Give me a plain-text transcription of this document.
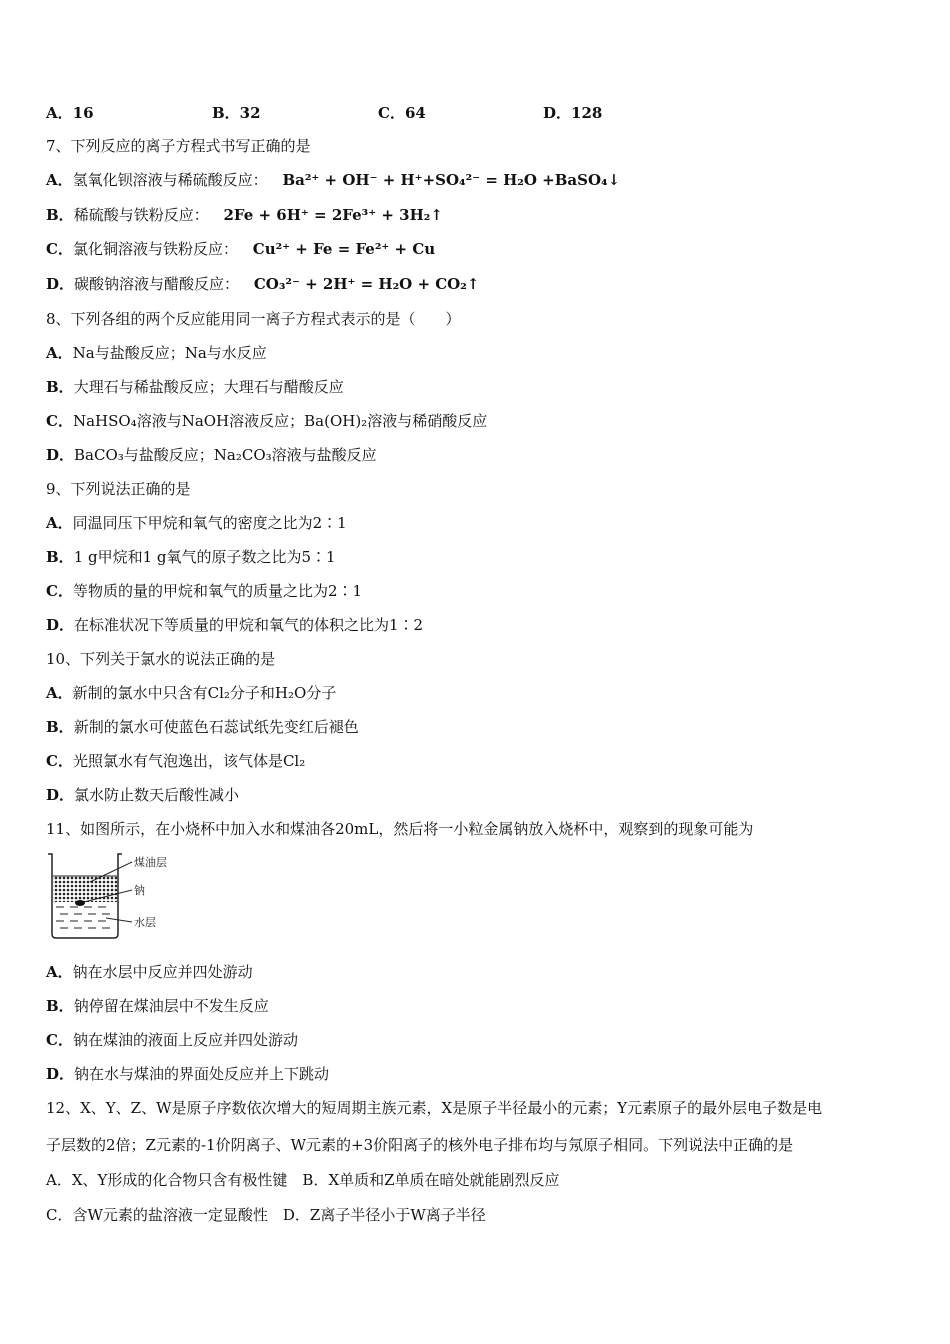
A．16	B．32	C．64	D．128
7、下列反应的离子方程式书写正确的是
A．氢氧化钡溶液与稀硫酸反应： Ba²⁺ + OH⁻ + H⁺+SO₄²⁻ = H₂O +BaSO₄↓
B．稀硫酸与铁粉反应： 2Fe + 6H⁺ = 2Fe³⁺ + 3H₂↑
C．氯化铜溶液与铁粉反应： Cu²⁺ + Fe = Fe²⁺ + Cu
D．碳酸钠溶液与醋酸反应： CO₃²⁻ + 2H⁺ = H₂O + CO₂↑
8、下列各组的两个反应能用同一离子方程式表示的是（　　）
A．Na与盐酸反应；Na与水反应
B．大理石与稀盐酸反应；大理石与醋酸反应
C．NaHSO₄溶液与NaOH溶液反应；Ba(OH)₂溶液与稀硝酸反应
D．BaCO₃与盐酸反应；Na₂CO₃溶液与盐酸反应
9、下列说法正确的是
A．同温同压下甲烷和氧气的密度之比为2∶1
B．1 g甲烷和1 g氧气的原子数之比为5∶1
C．等物质的量的甲烷和氧气的质量之比为2∶1
D．在标准状况下等质量的甲烷和氧气的体积之比为1∶2
10、下列关于氯水的说法正确的是
A．新制的氯水中只含有Cl₂分子和H₂O分子
B．新制的氯水可使蓝色石蕊试纸先变红后褪色
C．光照氯水有气泡逸出，该气体是Cl₂
D．氯水防止数天后酸性减小
11、如图所示，在小烧杯中加入水和煤油各20mL，然后将一小粒金属钠放入烧杯中，观察到的现象可能为
煤油层
钠
水层
A．钠在水层中反应并四处游动
B．钠停留在煤油层中不发生反应
C．钠在煤油的液面上反应并四处游动
D．钠在水与煤油的界面处反应并上下跳动
12、X、Y、Z、W是原子序数依次增大的短周期主族元素，X是原子半径最小的元素；Y元素原子的最外层电子数是电
子层数的2倍；Z元素的-1价阴离子、W元素的+3价阳离子的核外电子排布均与氖原子相同。下列说法中正确的是
A．X、Y形成的化合物只含有极性键　B．X单质和Z单质在暗处就能剧烈反应
C．含W元素的盐溶液一定显酸性　D．Z离子半径小于W离子半径
